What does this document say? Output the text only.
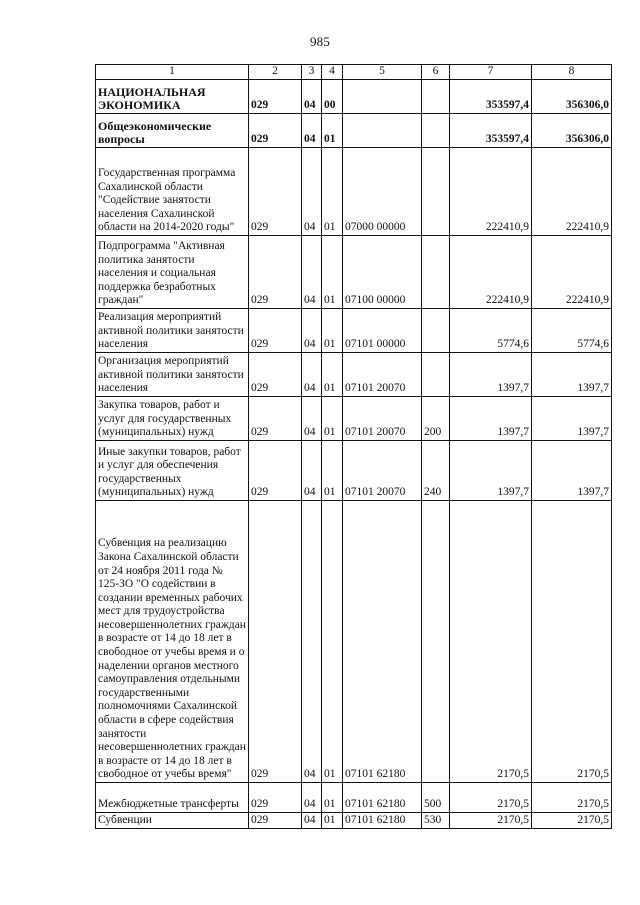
985
1	2	3	4	5	6	7	8
НАЦИОНАЛЬНАЯ ЭКОНОМИКА	029	04	00			353597,4	356306,0
Общеэкономические вопросы	029	04	01			353597,4	356306,0
Государственная программа Сахалинской области "Содействие занятости населения Сахалинской области на 2014-2020 годы"	029	04	01	07000 00000		222410,9	222410,9
Подпрограмма "Активная политика занятости населения и социальная поддержка безработных граждан"	029	04	01	07100 00000		222410,9	222410,9
Реализация мероприятий активной политики занятости населения	029	04	01	07101 00000		5774,6	5774,6
Организация мероприятий активной политики занятости населения	029	04	01	07101 20070		1397,7	1397,7
Закупка товаров, работ и услуг для государственных (муниципальных) нужд	029	04	01	07101 20070	200	1397,7	1397,7
Иные закупки товаров, работ и услуг для обеспечения государственных (муниципальных) нужд	029	04	01	07101 20070	240	1397,7	1397,7
Субвенция на реализацию Закона Сахалинской области от 24 ноября 2011 года № 125-ЗО "О содействии в создании временных рабочих мест для трудоустройства несовершеннолетних граждан в возрасте от 14 до 18 лет в свободное от учебы время и о наделении органов местного самоуправления отдельными государственными полномочиями Сахалинской области в сфере содействия занятости несовершеннолетних граждан в возрасте от 14 до 18 лет в свободное от учебы время"	029	04	01	07101 62180		2170,5	2170,5
Межбюджетные трансферты	029	04	01	07101 62180	500	2170,5	2170,5
Субвенции	029	04	01	07101 62180	530	2170,5	2170,5
